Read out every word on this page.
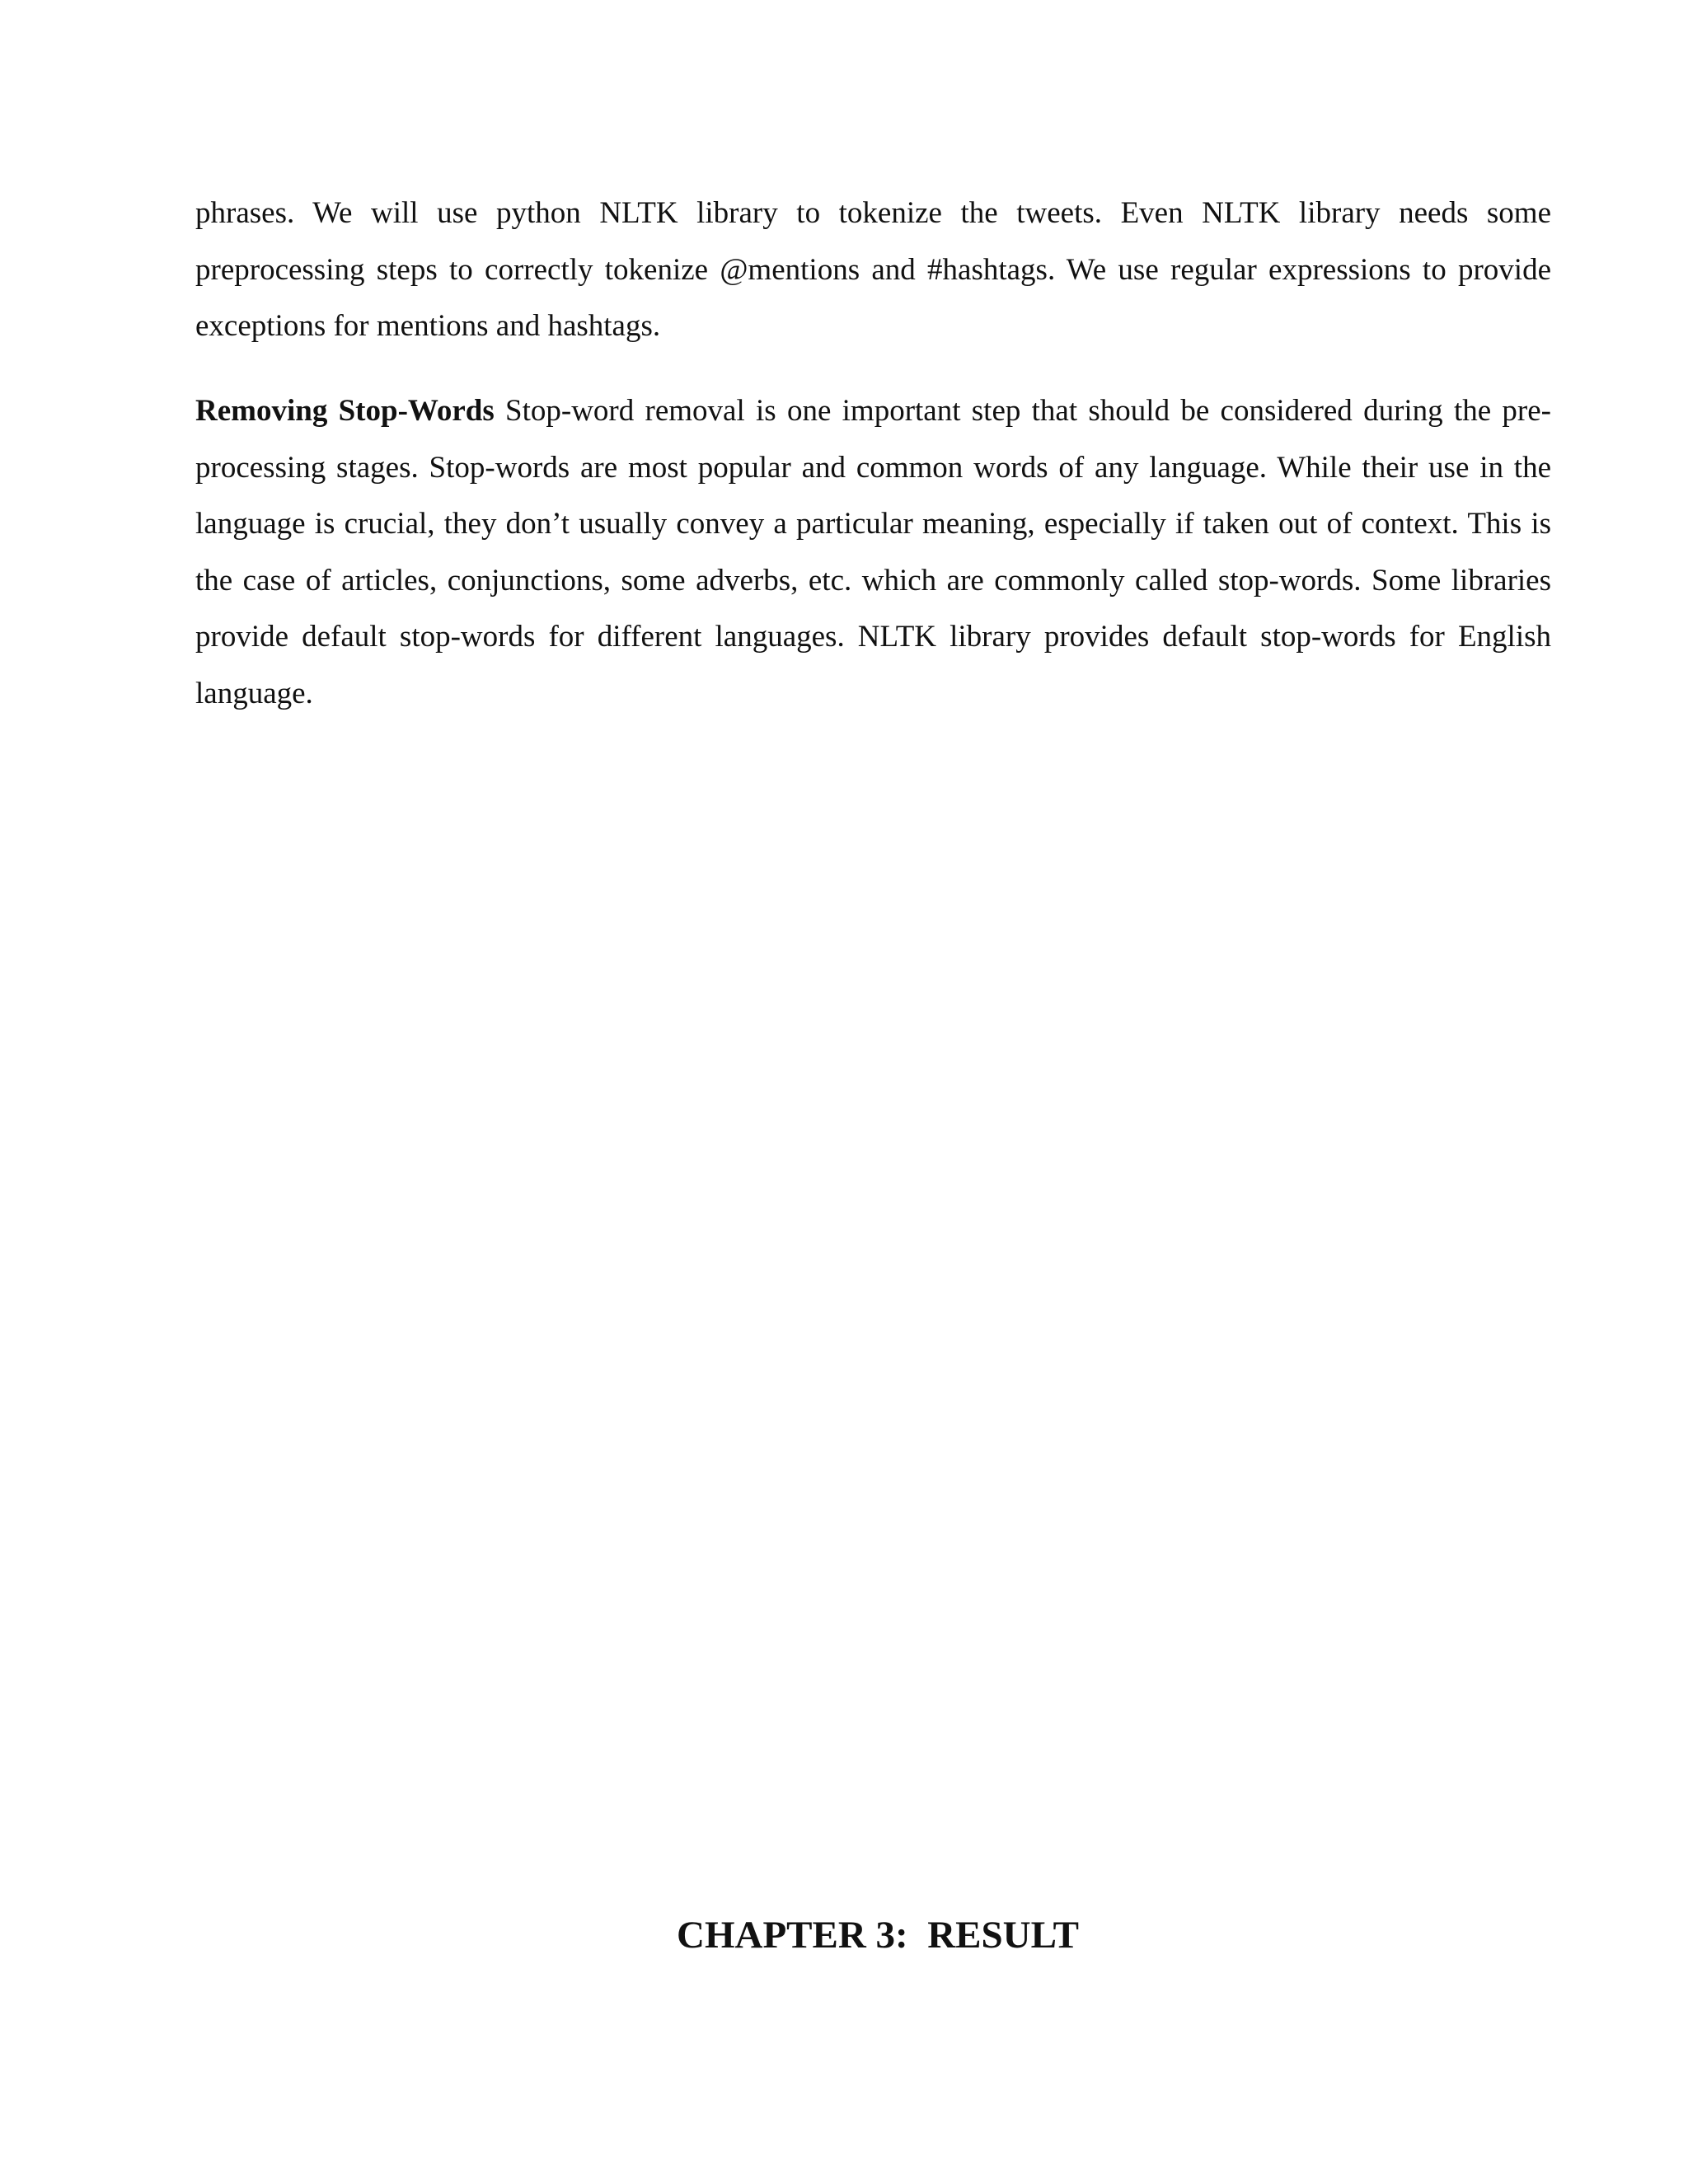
phrases. We will use python NLTK library to tokenize the tweets. Even NLTK library needs some preprocessing steps to correctly tokenize @mentions and #hashtags. We use regular expressions to provide exceptions for mentions and hashtags.

Removing Stop-Words Stop-word removal is one important step that should be considered during the pre-processing stages. Stop-words are most popular and common words of any language. While their use in the language is crucial, they don’t usually convey a particular meaning, especially if taken out of context. This is the case of articles, conjunctions, some adverbs, etc. which are commonly called stop-words. Some libraries provide default stop-words for different languages. NLTK library provides default stop-words for English language.

CHAPTER 3:  RESULT
